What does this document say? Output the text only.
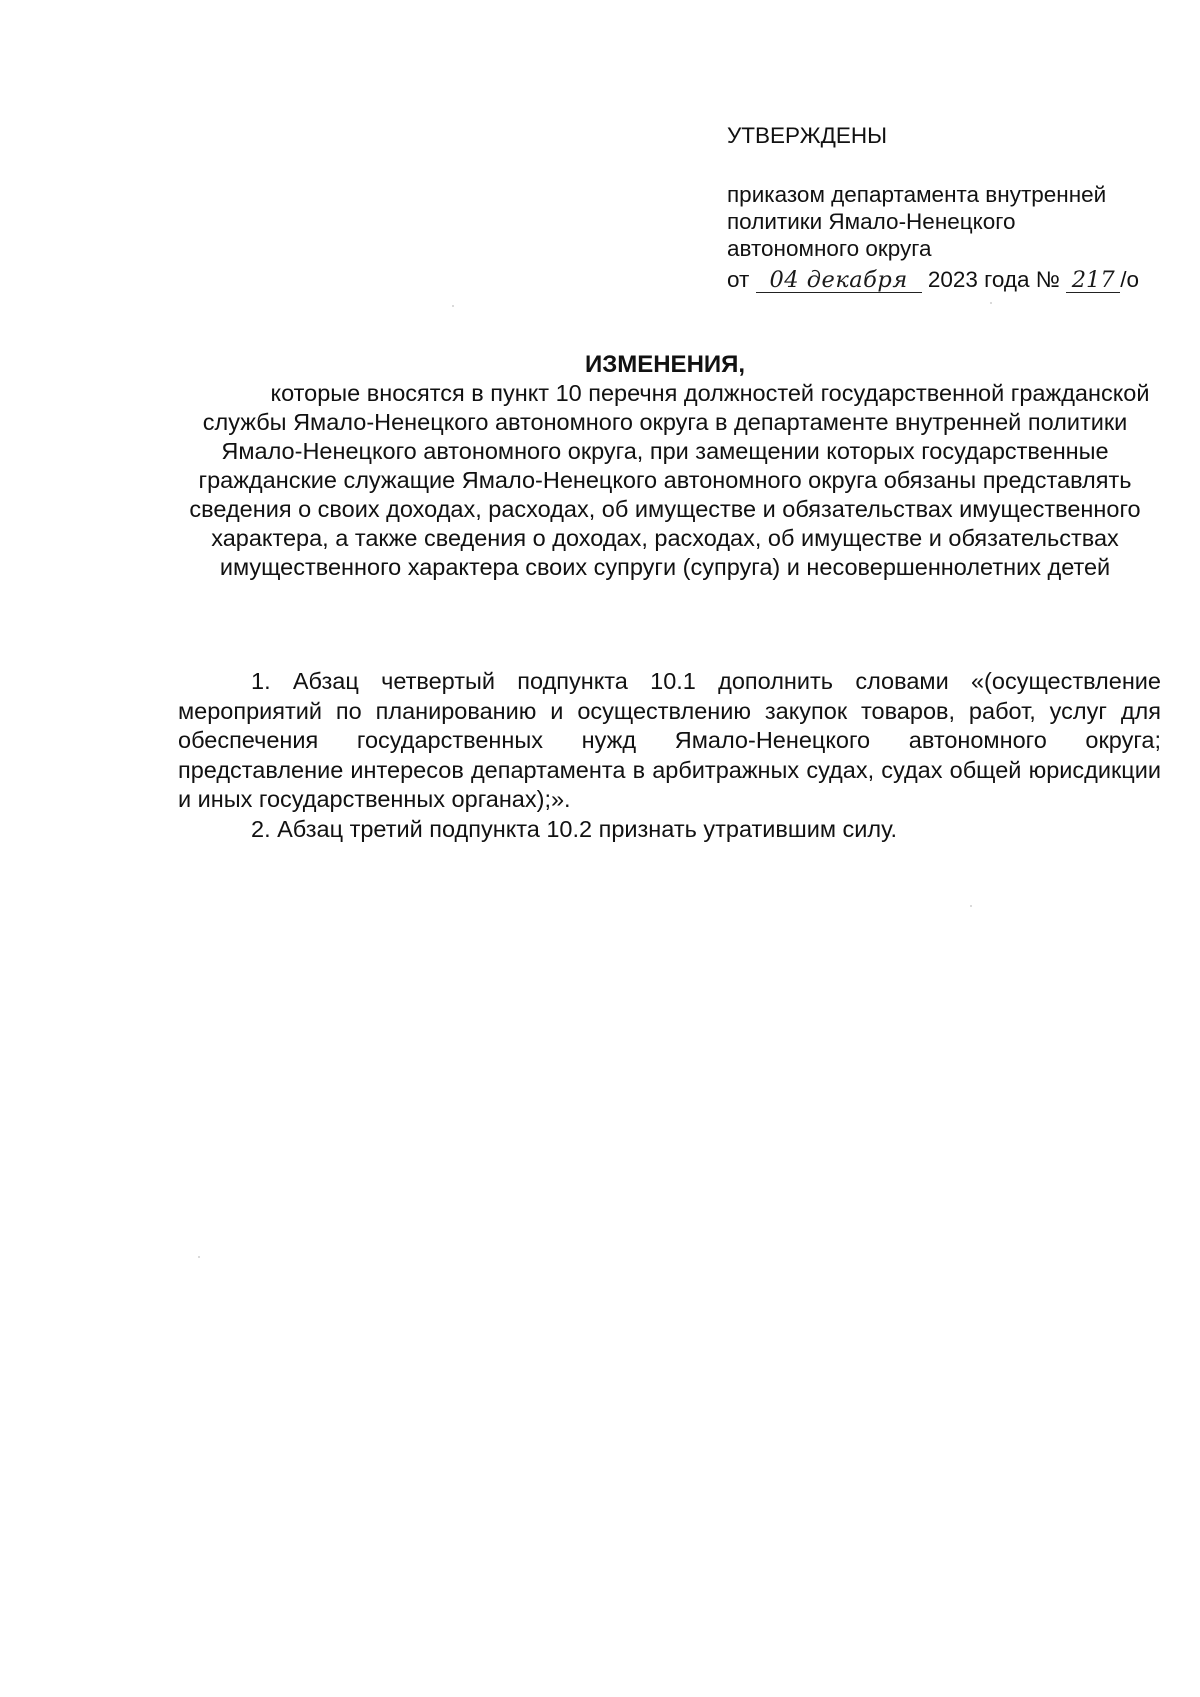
УТВЕРЖДЕНЫ
приказом департамента внутренней
политики Ямало-Ненецкого
автономного округа
от 04 декабря 2023 года № 217 /о

ИЗМЕНЕНИЯ,

которые вносятся в пункт 10 перечня должностей государственной гражданской службы Ямало-Ненецкого автономного округа в департаменте внутренней политики Ямало-Ненецкого автономного округа, при замещении которых государственные гражданские служащие Ямало-Ненецкого автономного округа обязаны представлять сведения о своих доходах, расходах, об имуществе и обязательствах имущественного характера, а также сведения о доходах, расходах, об имуществе и обязательствах имущественного характера своих супруги (супруга) и несовершеннолетних детей

1. Абзац четвертый подпункта 10.1 дополнить словами «(осуществление мероприятий по планированию и осуществлению закупок товаров, работ, услуг для обеспечения государственных нужд Ямало-Ненецкого автономного округа; представление интересов департамента в арбитражных судах, судах общей юрисдикции и иных государственных органах);».

2. Абзац третий подпункта 10.2 признать утратившим силу.
